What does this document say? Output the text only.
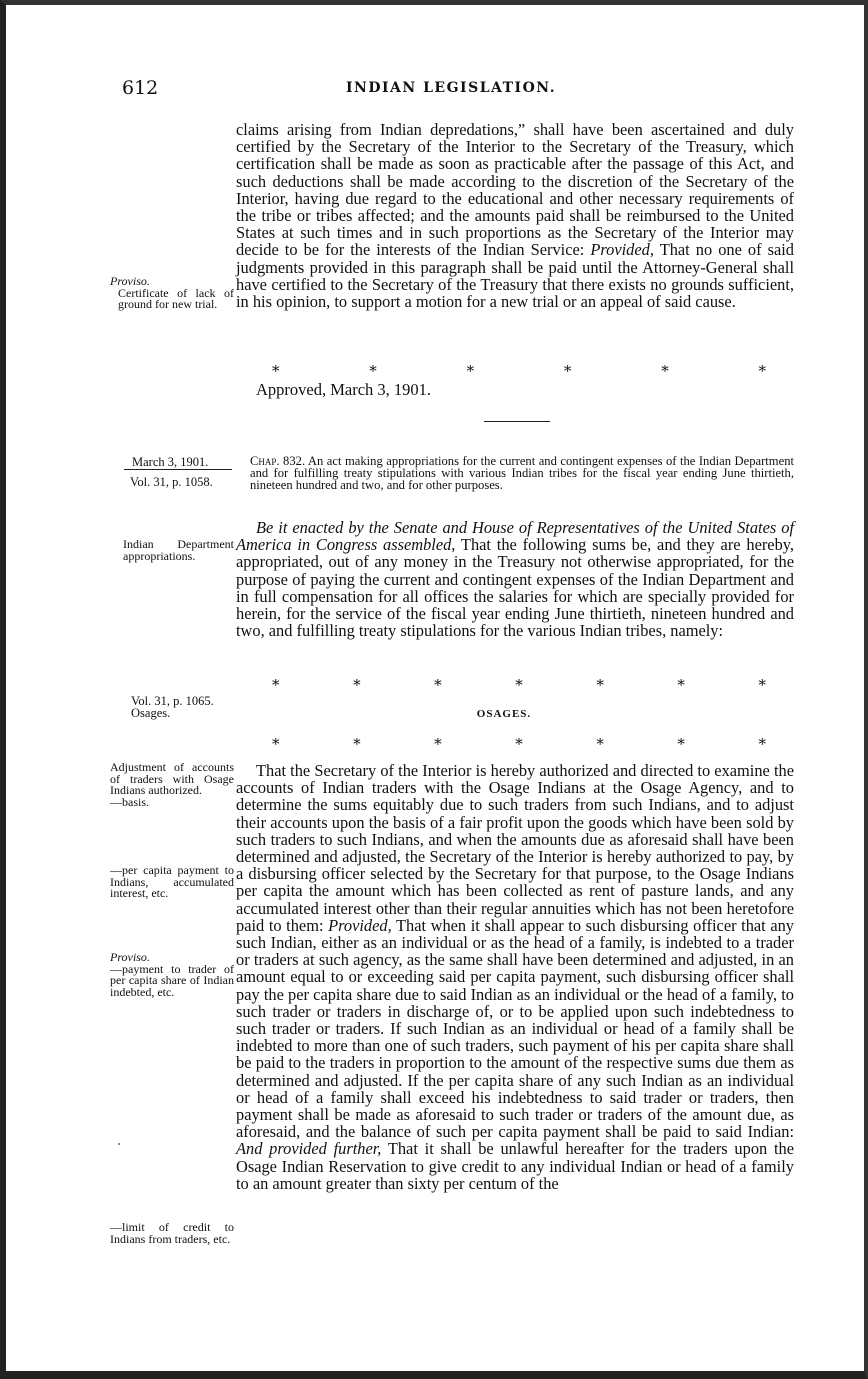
612	INDIAN LEGISLATION.
claims arising from Indian depredations,” shall have been ascertained and duly certified by the Secretary of the Interior to the Secretary of the Treasury, which certification shall be made as soon as practicable after the passage of this Act, and such deductions shall be made according to the discretion of the Secretary of the Interior, having due regard to the educational and other necessary requirements of the tribe or tribes affected; and the amounts paid shall be reimbursed to the United States at such times and in such proportions as the Secretary of the Interior may decide to be for the interests of the Indian Service: Provided, That no one of said judgments provided in this paragraph shall be paid until the Attorney-General shall have certified to the Secretary of the Treasury that there exists no grounds sufficient, in his opinion, to support a motion for a new trial or an appeal of said cause.
Proviso.

Certificate of lack of ground for new trial.
*	*	*	*	*	*
Approved, March 3, 1901.
March 3, 1901.
Vol. 31, p. 1058.
Chap. 832. An act making appropriations for the current and contingent expenses of the Indian Department and for fulfilling treaty stipulations with various Indian tribes for the fiscal year ending June thirtieth, nineteen hundred and two, and for other purposes.
Be it enacted by the Senate and House of Representatives of the United States of America in Congress assembled, That the following sums be, and they are hereby, appropriated, out of any money in the Treasury not otherwise appropriated, for the purpose of paying the current and contingent expenses of the Indian Department and in full compensation for all offices the salaries for which are specially provided for herein, for the service of the fiscal year ending June thirtieth, nineteen hundred and two, and fulfilling treaty stipulations for the various Indian tribes, namely:
Indian Department appropriations.
*	*	*	*	*	*	*
Vol. 31, p. 1065.
Osages.	OSAGES.
*	*	*	*	*	*	*
That the Secretary of the Interior is hereby authorized and directed to examine the accounts of Indian traders with the Osage Indians at the Osage Agency, and to determine the sums equitably due to such traders from such Indians, and to adjust their accounts upon the basis of a fair profit upon the goods which have been sold by such traders to such Indians, and when the amounts due as aforesaid shall have been determined and adjusted, the Secretary of the Interior is hereby authorized to pay, by a disbursing officer selected by the Secretary for that purpose, to the Osage Indians per capita the amount which has been collected as rent of pasture lands, and any accumulated interest other than their regular annuities which has not been heretofore paid to them: Provided, That when it shall appear to such disbursing officer that any such Indian, either as an individual or as the head of a family, is indebted to a trader or traders at such agency, as the same shall have been determined and adjusted, in an amount equal to or exceeding said per capita payment, such disbursing officer shall pay the per capita share due to said Indian as an individual or the head of a family, to such trader or traders in discharge of, or to be applied upon such indebtedness to such trader or traders. If such Indian as an individual or head of a family shall be indebted to more than one of such traders, such payment of his per capita share shall be paid to the traders in proportion to the amount of the respective sums due them as determined and adjusted. If the per capita share of any such Indian as an individual or head of a family shall exceed his indebtedness to said trader or traders, then payment shall be made as aforesaid to such trader or traders of the amount due, as aforesaid, and the balance of such per capita payment shall be paid to said Indian: And provided further, That it shall be unlawful hereafter for the traders upon the Osage Indian Reservation to give credit to any individual Indian or head of a family to an amount greater than sixty per centum of the
Adjustment of accounts of traders with Osage Indians authorized.
—basis.
—per capita payment to Indians, accumulated interest, etc.
Proviso.
—payment to trader of per capita share of Indian indebted, etc.
—limit of credit to Indians from traders, etc.
